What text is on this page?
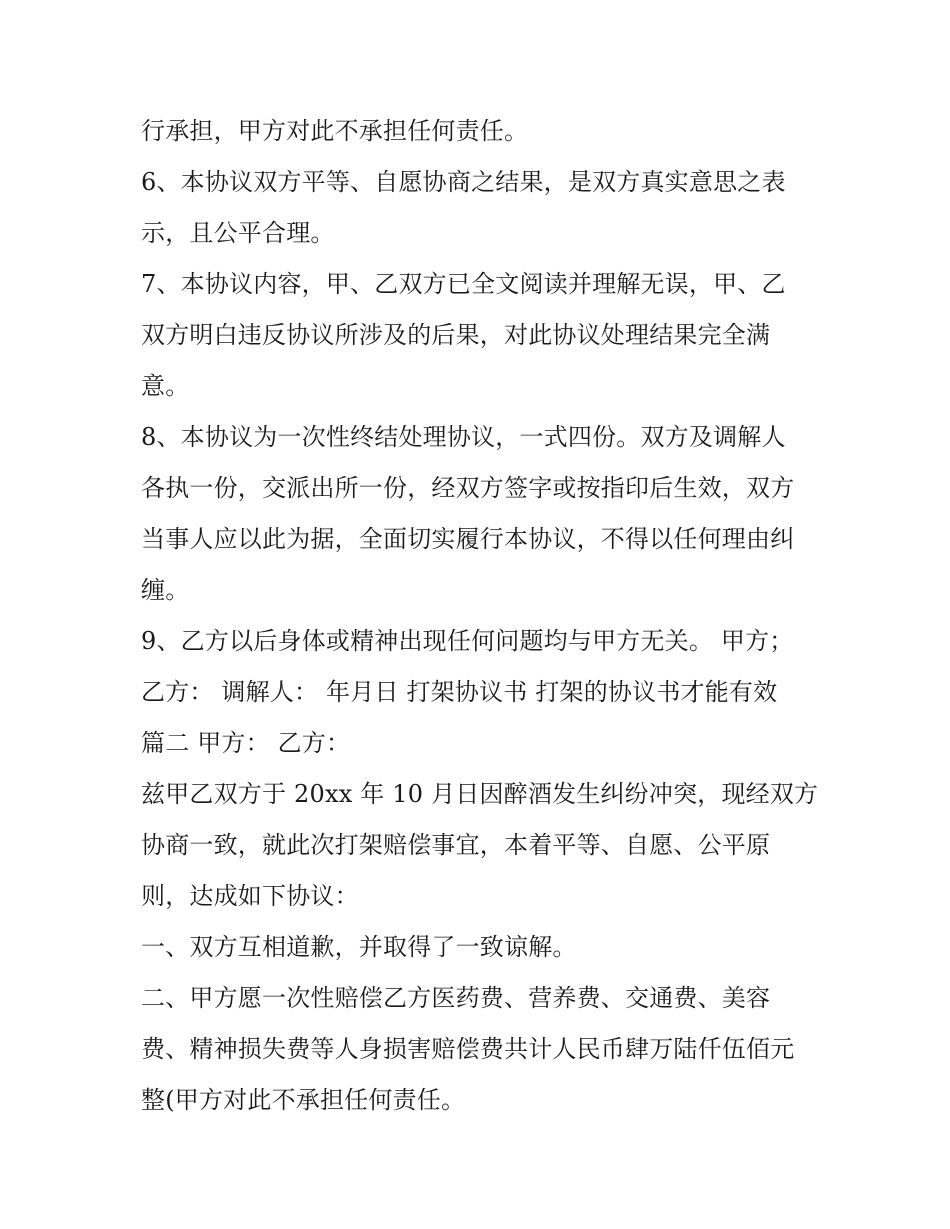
行承担，甲方对此不承担任何责任。
6、本协议双方平等、自愿协商之结果，是双方真实意思之表
示，且公平合理。
7、本协议内容，甲、乙双方已全文阅读并理解无误，甲、乙
双方明白违反协议所涉及的后果，对此协议处理结果完全满
意。
8、本协议为一次性终结处理协议，一式四份。双方及调解人
各执一份，交派出所一份，经双方签字或按指印后生效，双方
当事人应以此为据，全面切实履行本协议，不得以任何理由纠
缠。
9、乙方以后身体或精神出现任何问题均与甲方无关。 甲方；
乙方： 调解人： 年月日 打架协议书 打架的协议书才能有效
篇二 甲方： 乙方：
兹甲乙双方于 20xx 年 10 月日因醉酒发生纠纷冲突，现经双方
协商一致，就此次打架赔偿事宜，本着平等、自愿、公平原
则，达成如下协议：
一、双方互相道歉，并取得了一致谅解。
二、甲方愿一次性赔偿乙方医药费、营养费、交通费、美容
费、精神损失费等人身损害赔偿费共计人民币肆万陆仟伍佰元
整(甲方对此不承担任何责任。
